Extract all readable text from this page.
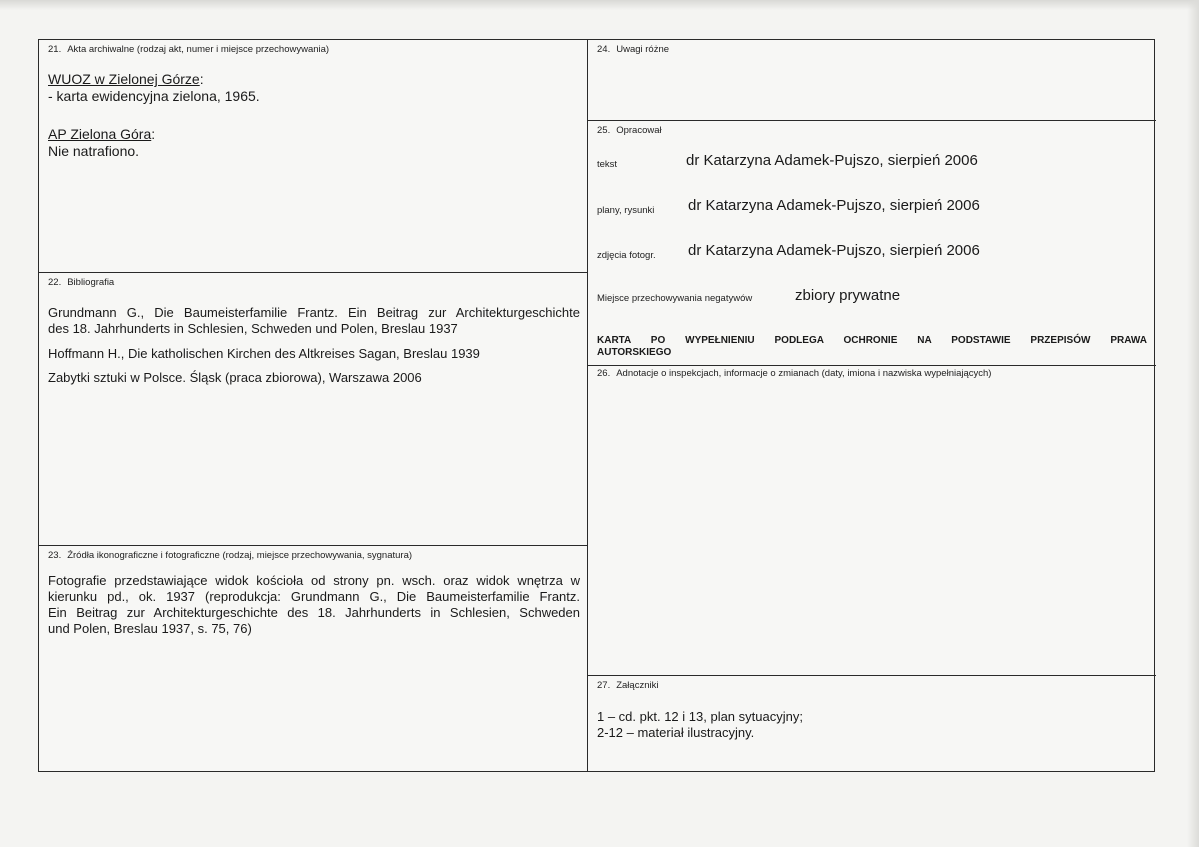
21. Akta archiwalne (rodzaj akt, numer i miejsce przechowywania)
WUOZ w Zielonej Górze:
- karta ewidencyjna zielona, 1965.
AP Zielona Góra:
Nie natrafiono.
22. Bibliografia
Grundmann G., Die Baumeisterfamilie Frantz. Ein Beitrag zur Architekturgeschichte
des 18. Jahrhunderts in Schlesien, Schweden und Polen, Breslau 1937
Hoffmann H., Die katholischen Kirchen des Altkreises Sagan, Breslau 1939
Zabytki sztuki w Polsce. Śląsk (praca zbiorowa), Warszawa 2006
23. Źródła ikonograficzne i fotograficzne (rodzaj, miejsce przechowywania, sygnatura)
Fotografie przedstawiające widok kościoła od strony pn. wsch. oraz widok wnętrza w
kierunku pd., ok. 1937 (reprodukcja: Grundmann G., Die Baumeisterfamilie Frantz.
Ein Beitrag zur Architekturgeschichte des 18. Jahrhunderts in Schlesien, Schweden
und Polen, Breslau 1937, s. 75, 76)
24. Uwagi różne
25. Opracował
tekst	dr Katarzyna Adamek-Pujszo, sierpień 2006
plany, rysunki dr Katarzyna Adamek-Pujszo, sierpień 2006
zdjęcia fotogr. dr Katarzyna Adamek-Pujszo, sierpień 2006
Miejsce przechowywania negatywów	zbiory prywatne
KARTA PO WYPEŁNIENIU PODLEGA OCHRONIE NA PODSTAWIE PRZEPISÓW PRAWA
AUTORSKIEGO
26. Adnotacje o inspekcjach, informacje o zmianach (daty, imiona i nazwiska wypełniających)
27. Załączniki
1 – cd. pkt. 12 i 13, plan sytuacyjny;
2-12 – materiał ilustracyjny.
